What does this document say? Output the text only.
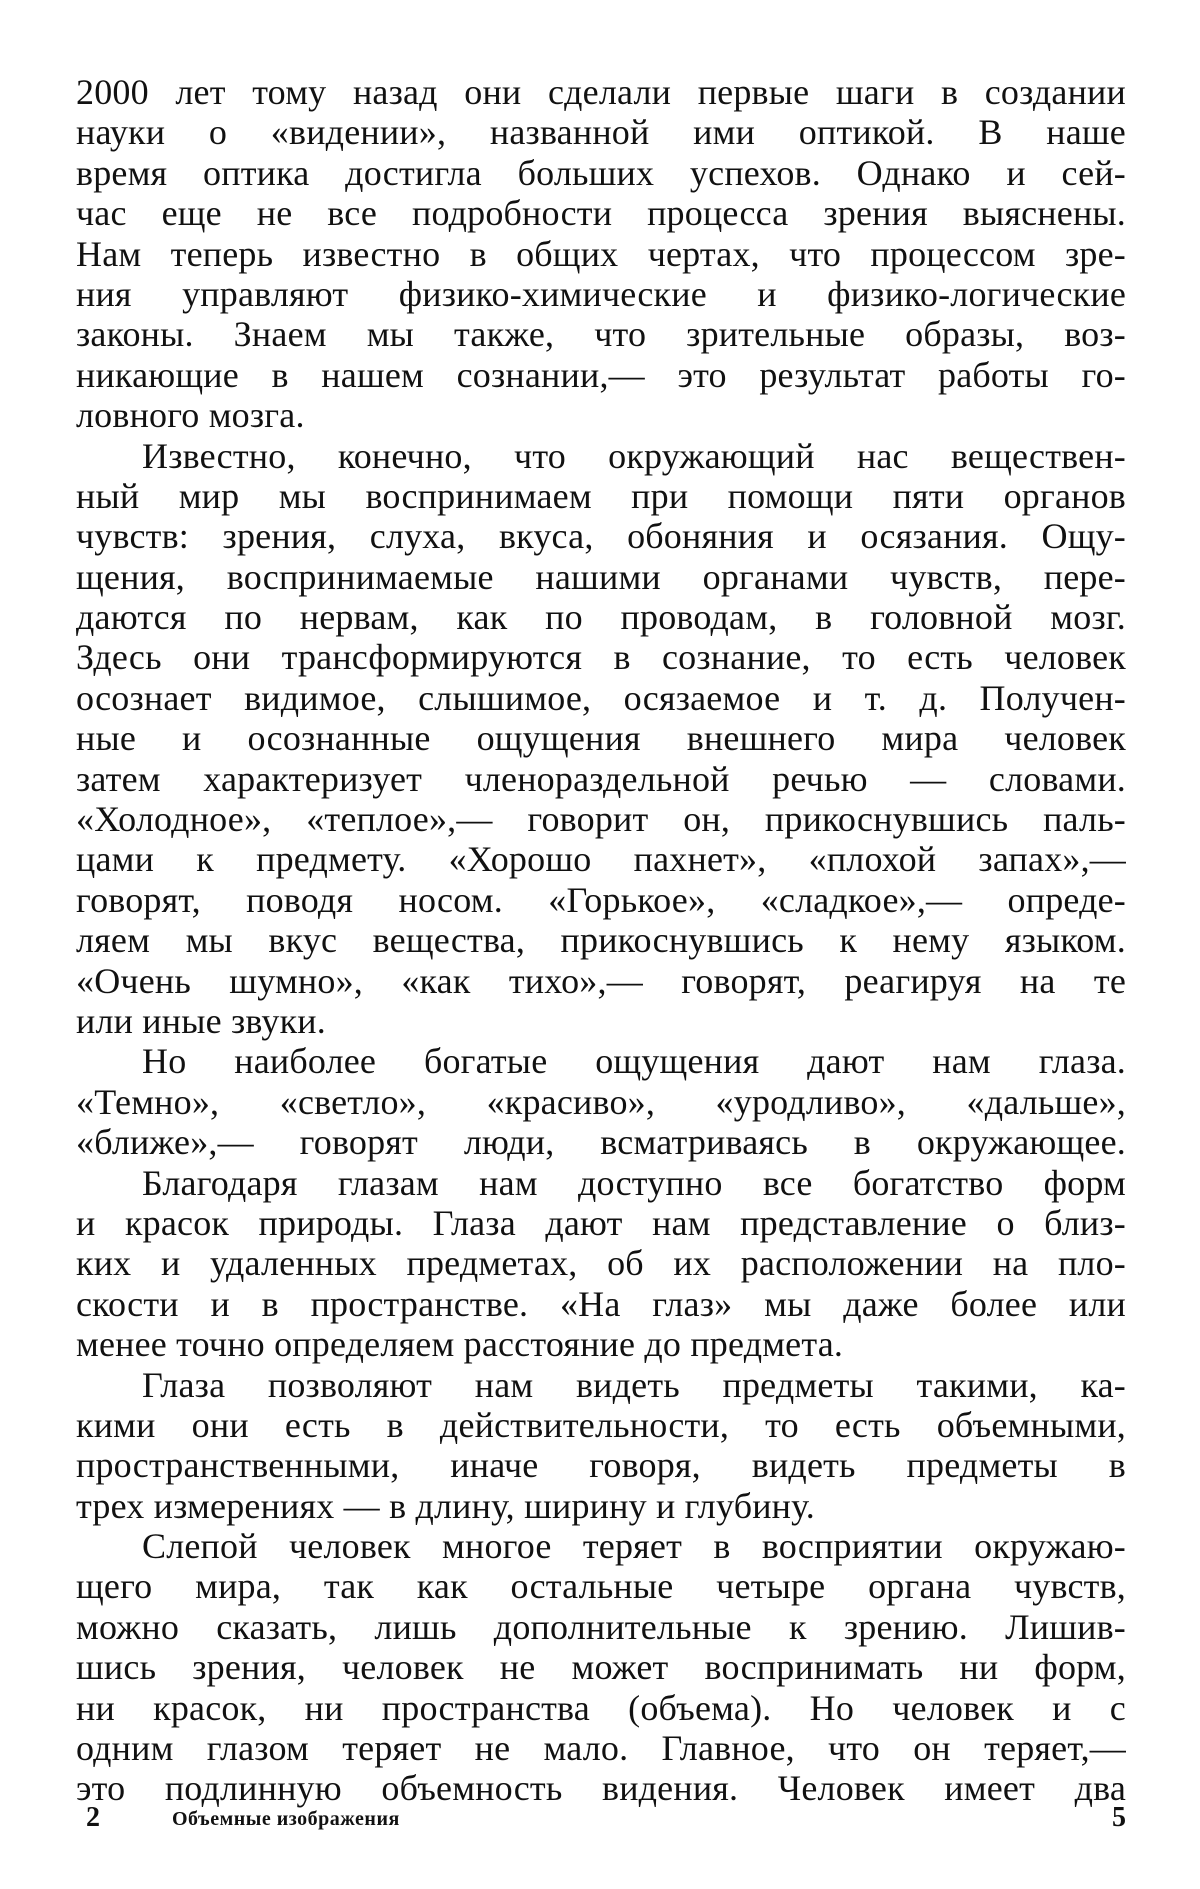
2000 лет тому назад они сделали первые шаги в создании
науки о «видении», названной ими оптикой. В наше
время оптика достигла больших успехов. Однако и сей-
час еще не все подробности процесса зрения выяснены.
Нам теперь известно в общих чертах, что процессом зре-
ния управляют физико-химические и физико-логические
законы. Знаем мы также, что зрительные образы, воз-
никающие в нашем сознании,— это результат работы го-
ловного мозга.
Известно, конечно, что окружающий нас веществен-
ный мир мы воспринимаем при помощи пяти органов
чувств: зрения, слуха, вкуса, обоняния и осязания. Ощу-
щения, воспринимаемые нашими органами чувств, пере-
даются по нервам, как по проводам, в головной мозг.
Здесь они трансформируются в сознание, то есть человек
осознает видимое, слышимое, осязаемое и т. д. Получен-
ные и осознанные ощущения внешнего мира человек
затем характеризует членораздельной речью — словами.
«Холодное», «теплое»,— говорит он, прикоснувшись паль-
цами к предмету. «Хорошо пахнет», «плохой запах»,—
говорят, поводя носом. «Горькое», «сладкое»,— опреде-
ляем мы вкус вещества, прикоснувшись к нему языком.
«Очень шумно», «как тихо»,— говорят, реагируя на те
или иные звуки.
Но наиболее богатые ощущения дают нам глаза.
«Темно», «светло», «красиво», «уродливо», «дальше»,
«ближе»,— говорят люди, всматриваясь в окружающее.
Благодаря глазам нам доступно все богатство форм
и красок природы. Глаза дают нам представление о близ-
ких и удаленных предметах, об их расположении на пло-
скости и в пространстве. «На глаз» мы даже более или
менее точно определяем расстояние до предмета.
Глаза позволяют нам видеть предметы такими, ка-
кими они есть в действительности, то есть объемными,
пространственными, иначе говоря, видеть предметы в
трех измерениях — в длину, ширину и глубину.
Слепой человек многое теряет в восприятии окружаю-
щего мира, так как остальные четыре органа чувств,
можно сказать, лишь дополнительные к зрению. Лишив-
шись зрения, человек не может воспринимать ни форм,
ни красок, ни пространства (объема). Но человек и с
одним глазом теряет не мало. Главное, что он теряет,—
это подлинную объемность видения. Человек имеет два
2	Объемные изображения	5
